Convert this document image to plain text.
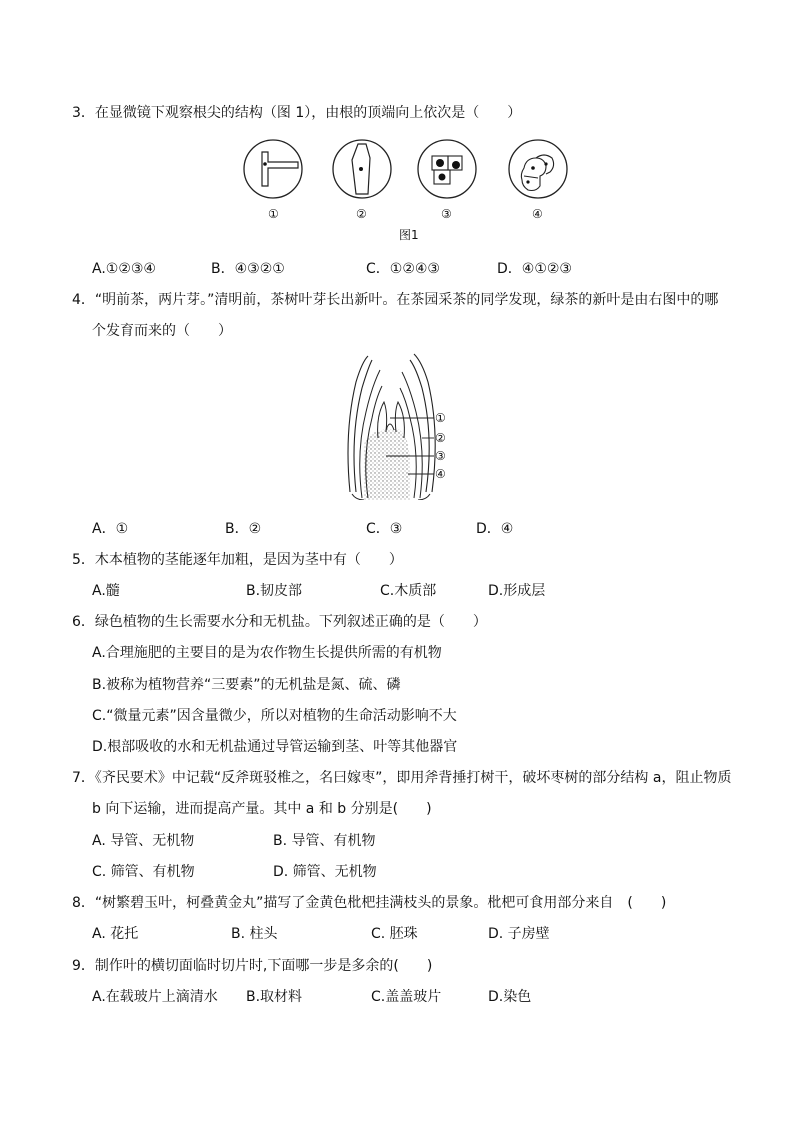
3．在显微镜下观察根尖的结构（图 1），由根的顶端向上依次是（　　）
①	②	③	④
图1
A.①②③④	B．④③②①	C．①②④③	D．④①②③
4．“明前茶，两片芽。”清明前，茶树叶芽长出新叶。在茶园采茶的同学发现，绿茶的新叶是由右图中的哪
个发育而来的（　　）
①
②
③
④
A．①	B．②	C．③	D．④
5．木本植物的茎能逐年加粗，是因为茎中有（　　）
A.髓	B.韧皮部	C.木质部	D.形成层
6．绿色植物的生长需要水分和无机盐。下列叙述正确的是（　　）
A.合理施肥的主要目的是为农作物生长提供所需的有机物
B.被称为植物营养“三要素”的无机盐是氮、硫、磷
C.“微量元素”因含量微少，所以对植物的生命活动影响不大
D.根部吸收的水和无机盐通过导管运输到茎、叶等其他器官
7．《齐民要术》中记载“反斧斑驳椎之，名曰嫁枣”，即用斧背捶打树干，破坏枣树的部分结构 a，阻止物质
b 向下运输，进而提高产量。其中 a 和 b 分别是(　　)
A. 导管、无机物	B. 导管、有机物
C. 筛管、有机物	D. 筛管、无机物
8．“树繁碧玉叶，柯叠黄金丸”描写了金黄色枇杷挂满枝头的景象。枇杷可食用部分来自　(　　)
A. 花托	B. 柱头	C. 胚珠	D. 子房壁
9．制作叶的横切面临时切片时,下面哪一步是多余的(　　)
A.在载玻片上滴清水 B.取材料	C.盖盖玻片	D.染色
